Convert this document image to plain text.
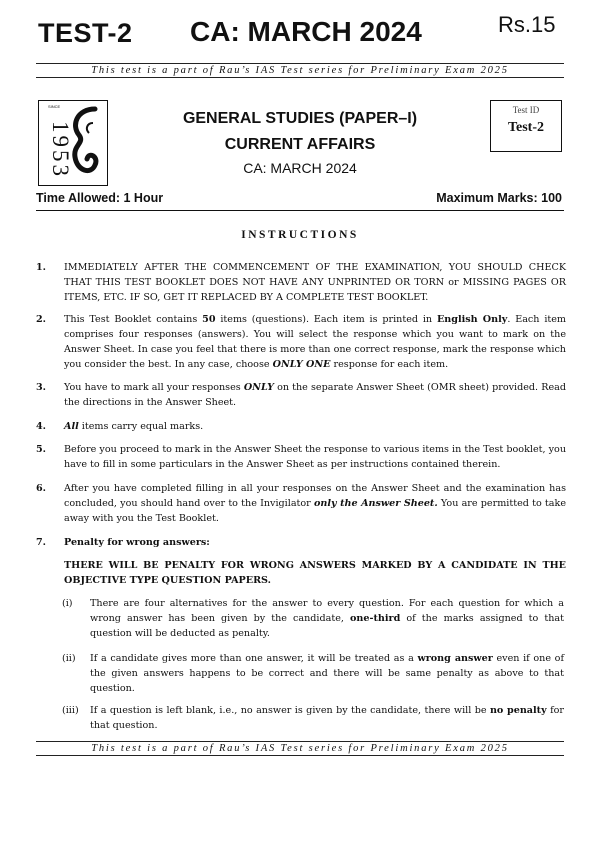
TEST-2 CA: MARCH 2024	Rs.15
This test is a part of Rau’s IAS Test series for Preliminary Exam 2025
SINCE
1953
GENERAL STUDIES (PAPER–I)
CURRENT AFFAIRS
CA: MARCH 2024
Test ID
Test-2
Time Allowed: 1 Hour	Maximum Marks: 100
INSTRUCTIONS
1. IMMEDIATELY AFTER THE COMMENCEMENT OF THE EXAMINATION, YOU SHOULD CHECK THAT THIS TEST BOOKLET DOES NOT HAVE ANY UNPRINTED OR TORN or MISSING PAGES OR ITEMS, ETC. IF SO, GET IT REPLACED BY A COMPLETE TEST BOOKLET.
2. This Test Booklet contains 50 items (questions). Each item is printed in English Only. Each item comprises four responses (answers). You will select the response which you want to mark on the Answer Sheet. In case you feel that there is more than one correct response, mark the response which you consider the best. In any case, choose ONLY ONE response for each item.
3. You have to mark all your responses ONLY on the separate Answer Sheet (OMR sheet) provided. Read the directions in the Answer Sheet.
4. All items carry equal marks.
5. Before you proceed to mark in the Answer Sheet the response to various items in the Test booklet, you have to fill in some particulars in the Answer Sheet as per instructions contained therein.
6. After you have completed filling in all your responses on the Answer Sheet and the examination has concluded, you should hand over to the Invigilator only the Answer Sheet. You are permitted to take away with you the Test Booklet.
7. Penalty for wrong answers:
THERE WILL BE PENALTY FOR WRONG ANSWERS MARKED BY A CANDIDATE IN THE OBJECTIVE TYPE QUESTION PAPERS.
(i) There are four alternatives for the answer to every question. For each question for which a wrong answer has been given by the candidate, one-third of the marks assigned to that question will be deducted as penalty.
(ii) If a candidate gives more than one answer, it will be treated as a wrong answer even if one of the given answers happens to be correct and there will be same penalty as above to that question.
(iii) If a question is left blank, i.e., no answer is given by the candidate, there will be no penalty for that question.
This test is a part of Rau’s IAS Test series for Preliminary Exam 2025
